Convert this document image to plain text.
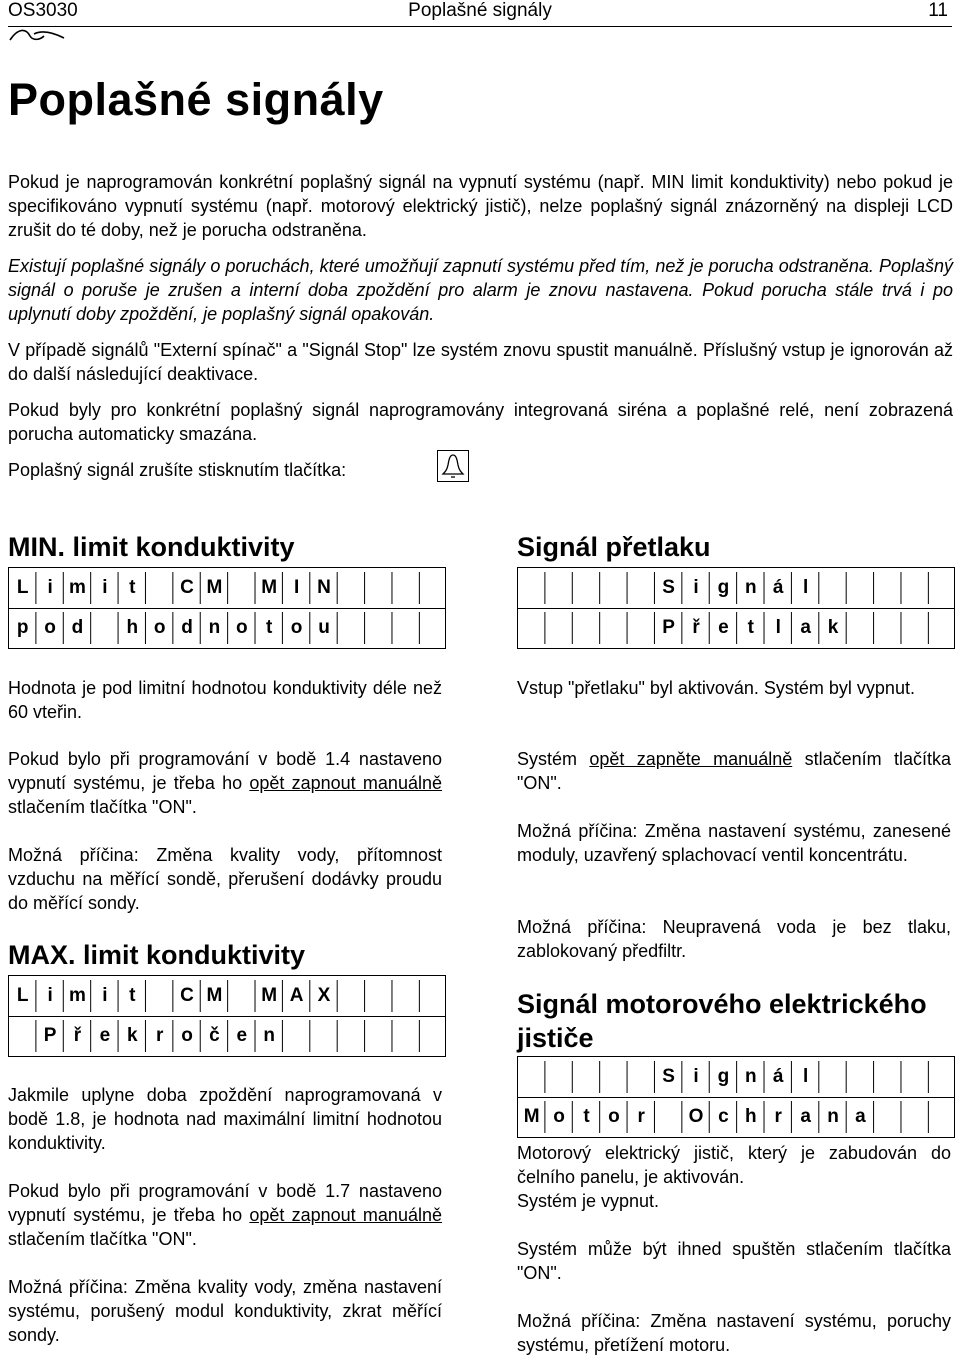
OS3030	Poplašné signály	11
Poplašné signály

Pokud je naprogramován konkrétní poplašný signál na vypnutí systému (např. MIN limit konduktivity) nebo pokud je specifikováno vypnutí systému (např. motorový elektrický jistič), nelze poplašný signál znázorněný na displeji LCD zrušit do té doby, než je porucha odstraněna.

Existují poplašné signály o poruchách, které umožňují zapnutí systému před tím, než je porucha odstraněna. Poplašný signál o poruše je zrušen a interní doba zpoždění pro alarm je znovu nastavena. Pokud porucha stále trvá i po uplynutí doby zpoždění, je poplašný signál opakován.

V případě signálů "Externí spínač" a "Signál Stop" lze systém znovu spustit manuálně. Příslušný vstup je ignorován až do další následující deaktivace.

Pokud byly pro konkrétní poplašný signál naprogramovány integrovaná siréna a poplašné relé, není zobrazená porucha automaticky smazána.

Poplašný signál zrušíte stisknutím tlačítka:

MIN. limit konduktivity
L i m i	t	C M	M I N
p o d	h o d n o t o u

Hodnota je pod limitní hodnotou konduktivity déle než 60 vteřin.

Pokud bylo při programování v bodě 1.4 nastaveno vypnutí systému, je třeba ho opět zapnout manuálně stlačením tlačítka "ON".

Možná příčina: Změna kvality vody, přítomnost vzduchu na měřící sondě, přerušení dodávky proudu do měřící sondy.

MAX. limit konduktivity
L i m i	t	C M	M A X
P ř e k r o č e n

Jakmile uplyne doba zpoždění naprogramovaná v bodě 1.8, je hodnota nad maximální limitní hodnotou konduktivity.

Pokud bylo při programování v bodě 1.7 nastaveno vypnutí systému, je třeba ho opět zapnout manuálně stlačením tlačítka "ON".

Možná příčina: Změna kvality vody, změna nastavení systému, porušený modul konduktivity, zkrat měřící sondy.

Signál přetlaku
S i g n á	l
P ř e t	l	a k

Vstup "přetlaku" byl aktivován. Systém byl vypnut.

Systém opět zapněte manuálně stlačením tlačítka "ON".

Možná příčina: Změna nastavení systému, zanesené moduly, uzavřený splachovací ventil koncentrátu.

Možná příčina: Neupravená voda je bez tlaku, zablokovaný předfiltr.

Signál motorového elektrického jističe
S i g n á	l
M o t o r	O c h r a n a

Motorový elektrický jistič, který je zabudován do čelního panelu, je aktivován.

Systém je vypnut.

Systém může být ihned spuštěn stlačením tlačítka "ON".

Možná příčina: Změna nastavení systému, poruchy systému, přetížení motoru.
